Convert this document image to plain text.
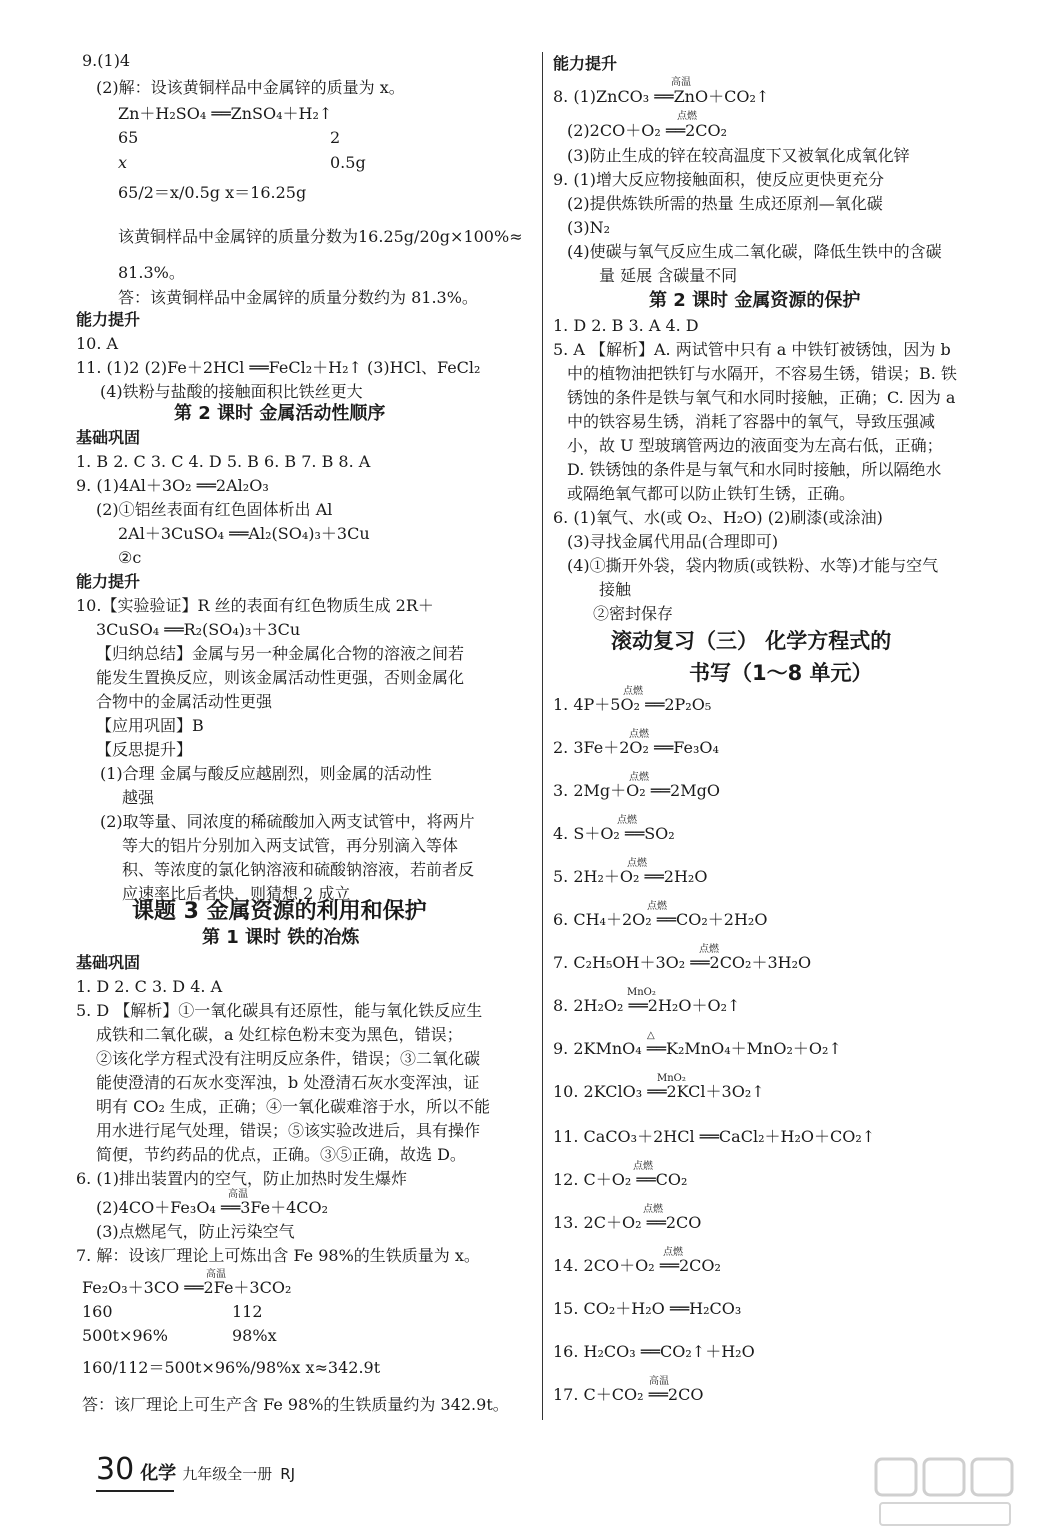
9.(1)4
(2)解：设该黄铜样品中金属锌的质量为 x。
Zn＋H₂SO₄ ══ZnSO₄＋H₂↑
65	2
x	0.5g
65/2＝x/0.5g x＝16.25g
该黄铜样品中金属锌的质量分数为16.25g/20g×100%≈
81.3%。
答：该黄铜样品中金属锌的质量分数约为 81.3%。
能力提升
10. A
11. (1)2 (2)Fe＋2HCl ══FeCl₂＋H₂↑ (3)HCl、FeCl₂
(4)铁粉与盐酸的接触面积比铁丝更大
第 2 课时 金属活动性顺序
基础巩固
1. B 2. C 3. C 4. D 5. B 6. B 7. B 8. A
9. (1)4Al＋3O₂ ══2Al₂O₃
(2)①铝丝表面有红色固体析出 Al
2Al＋3CuSO₄ ══Al₂(SO₄)₃＋3Cu
②c
能力提升
10.【实验验证】R 丝的表面有红色物质生成 2R＋
3CuSO₄ ══R₂(SO₄)₃＋3Cu
【归纳总结】金属与另一种金属化合物的溶液之间若
能发生置换反应，则该金属活动性更强，否则金属化
合物中的金属活动性更强
【应用巩固】B
【反思提升】
(1)合理 金属与酸反应越剧烈，则金属的活动性
越强
(2)取等量、同浓度的稀硫酸加入两支试管中，将两片
等大的铝片分别加入两支试管，再分别滴入等体
积、等浓度的氯化钠溶液和硫酸钠溶液，若前者反
应速率比后者快，则猜想 2 成立
课题 3 金属资源的利用和保护
第 1 课时 铁的冶炼
基础巩固
1. D 2. C 3. D 4. A
5. D 【解析】①一氧化碳具有还原性，能与氧化铁反应生
成铁和二氧化碳，a 处红棕色粉末变为黑色，错误；
②该化学方程式没有注明反应条件，错误；③二氧化碳
能使澄清的石灰水变浑浊，b 处澄清石灰水变浑浊，证
明有 CO₂ 生成，正确；④一氧化碳难溶于水，所以不能
用水进行尾气处理，错误；⑤该实验改进后，具有操作
简便，节约药品的优点，正确。③⑤正确，故选 D。
6. (1)排出装置内的空气，防止加热时发生爆炸
高温
(2)4CO＋Fe₃O₄ ══3Fe＋4CO₂
(3)点燃尾气，防止污染空气
7. 解：设该厂理论上可炼出含 Fe 98%的生铁质量为 x。
高温
Fe₂O₃＋3CO ══2Fe＋3CO₂
160	112
500t×96%	98%x
160/112＝500t×96%/98%x x≈342.9t
答：该厂理论上可生产含 Fe 98%的生铁质量约为 342.9t。
能力提升
高温
8. (1)ZnCO₃ ══ZnO＋CO₂↑
点燃
(2)2CO＋O₂ ══2CO₂
(3)防止生成的锌在较高温度下又被氧化成氧化锌
9. (1)增大反应物接触面积，使反应更快更充分
(2)提供炼铁所需的热量 生成还原剂—氧化碳
(3)N₂
(4)使碳与氧气反应生成二氧化碳，降低生铁中的含碳
量 延展 含碳量不同
第 2 课时 金属资源的保护
1. D 2. B 3. A 4. D
5. A 【解析】A. 两试管中只有 a 中铁钉被锈蚀，因为 b
中的植物油把铁钉与水隔开，不容易生锈，错误；B. 铁
锈蚀的条件是铁与氧气和水同时接触，正确；C. 因为 a
中的铁容易生锈，消耗了容器中的氧气，导致压强减
小，故 U 型玻璃管两边的液面变为左高右低，正确；
D. 铁锈蚀的条件是与氧气和水同时接触，所以隔绝水
或隔绝氧气都可以防止铁钉生锈，正确。
6. (1)氧气、水(或 O₂、H₂O) (2)刷漆(或涂油)
(3)寻找金属代用品(合理即可)
(4)①撕开外袋，袋内物质(或铁粉、水等)才能与空气
接触
②密封保存
滚动复习（三） 化学方程式的
书写（1～8 单元）
点燃
1. 4P＋5O₂ ══2P₂O₅
点燃
2. 3Fe＋2O₂ ══Fe₃O₄
点燃
3. 2Mg＋O₂ ══2MgO
点燃
4. S＋O₂ ══SO₂
点燃
5. 2H₂＋O₂ ══2H₂O
点燃
6. CH₄＋2O₂ ══CO₂＋2H₂O
点燃
7. C₂H₅OH＋3O₂ ══2CO₂＋3H₂O
MnO₂
8. 2H₂O₂ ══2H₂O＋O₂↑
△
9. 2KMnO₄ ══K₂MnO₄＋MnO₂＋O₂↑
MnO₂
10. 2KClO₃ ══2KCl＋3O₂↑
11. CaCO₃＋2HCl ══CaCl₂＋H₂O＋CO₂↑
点燃
12. C＋O₂ ══CO₂
点燃
13. 2C＋O₂ ══2CO
点燃
14. 2CO＋O₂ ══2CO₂
15. CO₂＋H₂O ══H₂CO₃
16. H₂CO₃ ══CO₂↑＋H₂O
高温
17. C＋CO₂ ══2CO
30 化学 九年级全一册 RJ
